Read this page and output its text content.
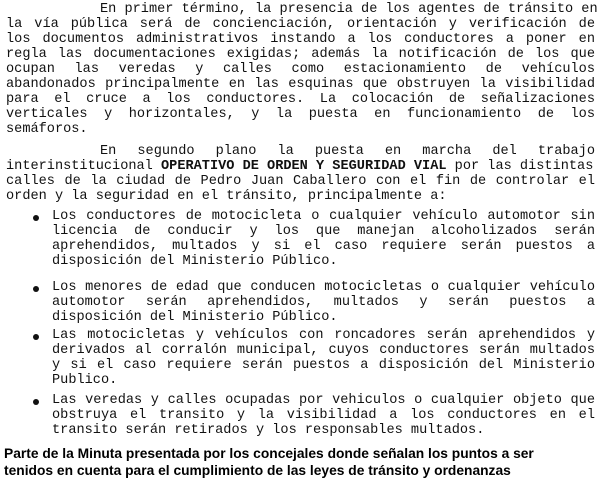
En primer término, la presencia de los agentes de tránsito en
la vía pública será de concienciación, orientación y verificación de
los documentos administrativos instando a los conductores a poner en
regla las documentaciones exigidas; además la notificación de los que
ocupan las veredas y calles como estacionamiento de vehículos
abandonados principalmente en las esquinas que obstruyen la visibilidad
para el cruce a los conductores. La colocación de señalizaciones
verticales y horizontales, y la puesta en funcionamiento de los
semáforos.
En segundo plano la puesta en marcha del trabajo
interinstitucional OPERATIVO DE ORDEN Y SEGURIDAD VIAL por las distintas
calles de la ciudad de Pedro Juan Caballero con el fin de controlar el
orden y la seguridad en el tránsito, principalmente a:
Los conductores de motocicleta o cualquier vehículo automotor sin
licencia de conducir y los que manejan alcoholizados serán
aprehendidos, multados y si el caso requiere serán puestos a
disposición del Ministerio Público.
Los menores de edad que conducen motocicletas o cualquier vehículo
automotor serán aprehendidos, multados y serán puestos a
disposición del Ministerio Público.
Las motocicletas y vehículos con roncadores serán aprehendidos y
derivados al corralón municipal, cuyos conductores serán multados
y si el caso requiere serán puestos a disposición del Ministerio
Publico.
Las veredas y calles ocupadas por vehiculos o cualquier objeto que
obstruya el transito y la visibilidad a los conductores en el
transito serán retirados y los responsables multados.
Parte de la Minuta presentada por los concejales donde señalan los puntos a ser
tenidos en cuenta para el cumplimiento de las leyes de tránsito y ordenanzas
